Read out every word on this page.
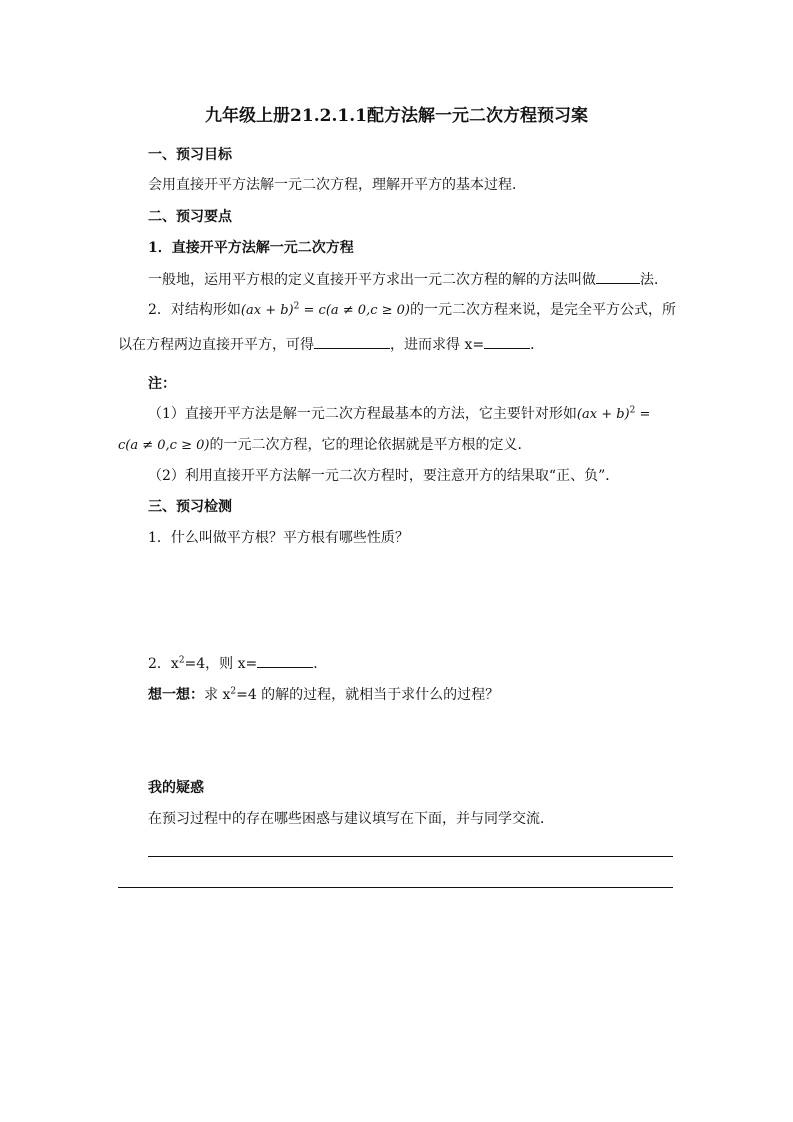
九年级上册21.2.1.1配方法解一元二次方程预习案
一、预习目标
会用直接开平方法解一元二次方程，理解开平方的基本过程．
二、预习要点
1．直接开平方法解一元二次方程
一般地，运用平方根的定义直接开平方求出一元二次方程的解的方法叫做	法．
2．对结构形如(ax + b)$^2$ = c(a ≠ 0,c ≥ 0)的一元二次方程来说，是完全平方公式，所
以在方程两边直接开平方，可得	，进而求得 x=	．
注：
（1）直接开平方法是解一元二次方程最基本的方法，它主要针对形如(ax + b)$^2$ =
c(a ≠ 0,c ≥ 0)的一元二次方程，它的理论依据就是平方根的定义．
（2）利用直接开平方法解一元二次方程时，要注意开方的结果取“正、负”．
三、预习检测
1．什么叫做平方根？平方根有哪些性质？
2．$x^2=4$，则 x=	．
想一想：求 $x^2=4$ 的解的过程，就相当于求什么的过程？
我的疑惑
在预习过程中的存在哪些困惑与建议填写在下面，并与同学交流．
